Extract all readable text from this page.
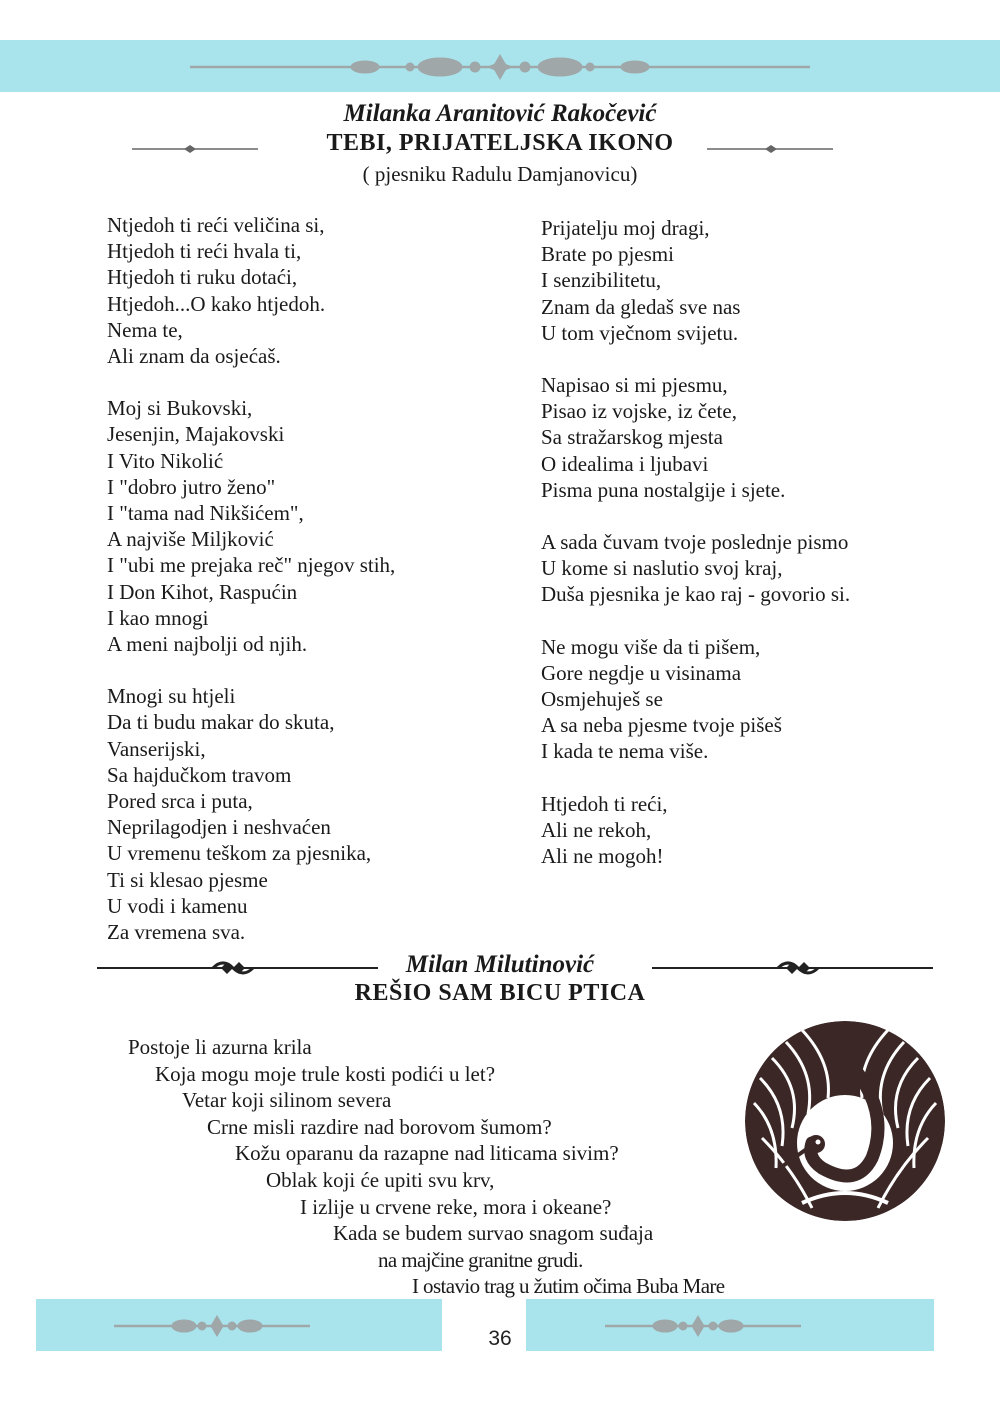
Milanka Aranitović Rakočević

TEBI, PRIJATELJSKA IKONO

( pjesniku Radulu Damjanovicu)

Ntjedoh ti reći veličina si,
Htjedoh ti reći hvala ti,
Htjedoh ti ruku dotaći,
Htjedoh...O kako htjedoh.
Nema te,
Ali znam da osjećaš.
Moj si Bukovski,
Jesenjin, Majakovski
I Vito Nikolić
I "dobro jutro ženo"
I "tama nad Nikšićem",
A najviše Miljković
I "ubi me prejaka reč" njegov stih,
I Don Kihot, Raspućin
I kao mnogi
A meni najbolji od njih.
Mnogi su htjeli
Da ti budu makar do skuta,
Vanserijski,
Sa hajdučkom travom
Pored srca i puta,
Neprilagodjen i neshvaćen
U vremenu teškom za pjesnika,
Ti si klesao pjesme
U vodi i kamenu
Za vremena sva.
Prijatelju moj dragi,
Brate po pjesmi
I senzibilitetu,
Znam da gledaš sve nas
U tom vječnom svijetu.
Napisao si mi pjesmu,
Pisao iz vojske, iz čete,
Sa stražarskog mjesta
O idealima i ljubavi
Pisma puna nostalgije i sjete.
A sada čuvam tvoje poslednje pismo
U kome si naslutio svoj kraj,
Duša pjesnika je kao raj - govorio si.
Ne mogu više da ti pišem,
Gore negdje u visinama
Osmjehuješ se
A sa neba pjesme tvoje pišeš
I kada te nema više.
Htjedoh ti reći,
Ali ne rekoh,
Ali ne mogoh!

Milan Milutinović

REŠIO SAM BICU PTICA

Postoje li azurna krila
Koja mogu moje trule kosti podići u let?
Vetar koji silinom severa
Crne misli razdire nad borovom šumom?
Kožu oparanu da razapne nad liticama sivim?
Oblak koji će upiti svu krv,
I izlije u crvene reke, mora i okeane?
Kada se budem survao snagom suđaja
na majčine granitne grudi.
I ostavio trag u žutim očima Buba Mare
36
